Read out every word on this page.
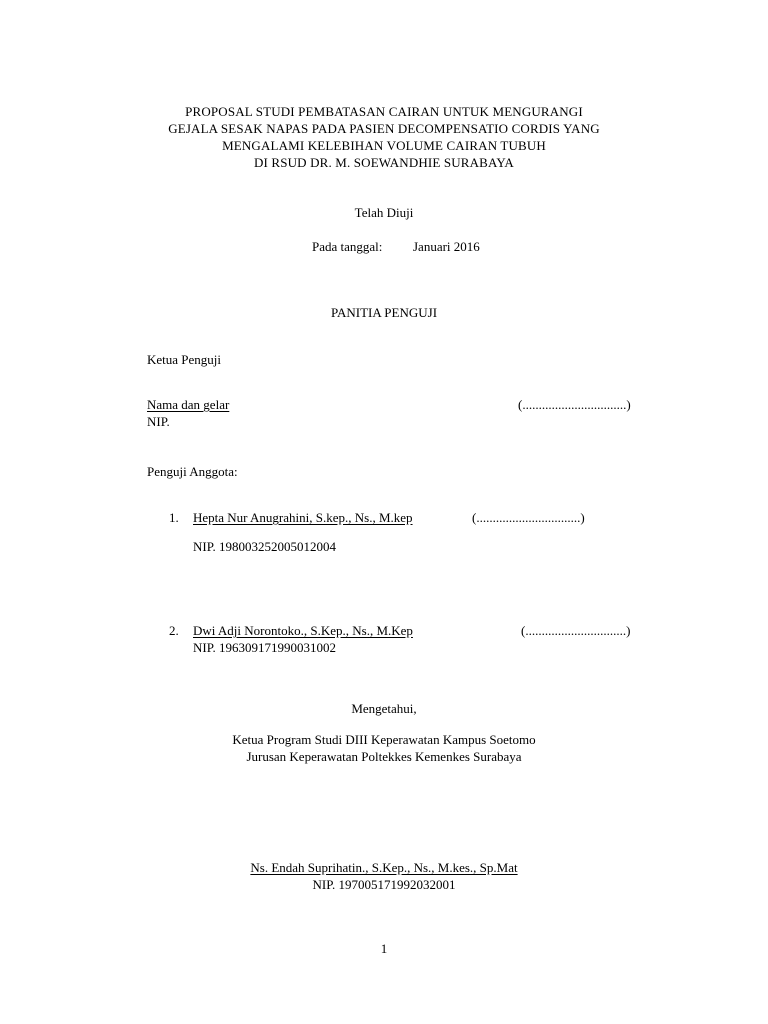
PROPOSAL STUDI PEMBATASAN CAIRAN UNTUK MENGURANGI
GEJALA SESAK NAPAS PADA PASIEN DECOMPENSATIO CORDIS YANG
MENGALAMI KELEBIHAN VOLUME CAIRAN TUBUH
DI RSUD DR. M. SOEWANDHIE SURABAYA
Telah Diuji
Pada tanggal: Januari 2016
PANITIA PENGUJI
Ketua Penguji
Nama dan gelar	(................................)
NIP.
Penguji Anggota:
1. Hepta Nur Anugrahini, S.kep., Ns., M.kep	(................................)
NIP. 198003252005012004
2. Dwi Adji Norontoko., S.Kep., Ns., M.Kep	(...............................)
NIP. 196309171990031002
Mengetahui,
Ketua Program Studi DIII Keperawatan Kampus Soetomo
Jurusan Keperawatan Poltekkes Kemenkes Surabaya
Ns. Endah Suprihatin., S.Kep., Ns., M.kes., Sp.Mat
NIP. 197005171992032001
1
